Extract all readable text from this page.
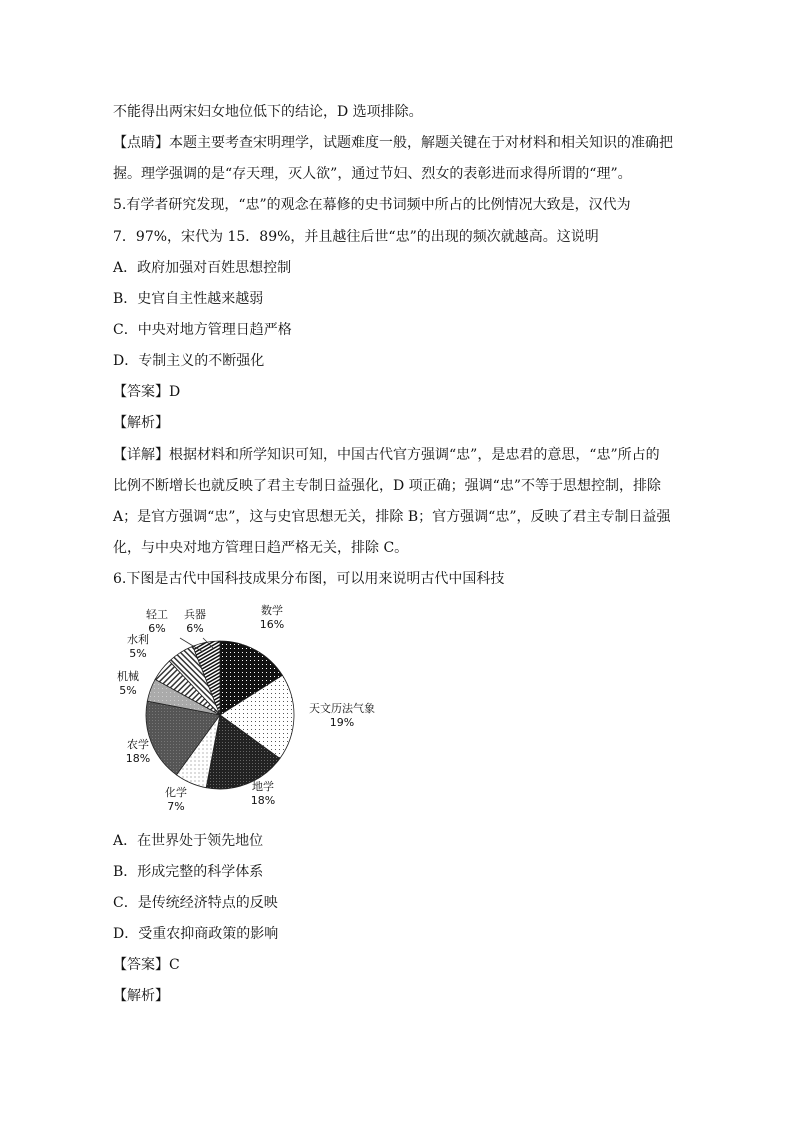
不能得出两宋妇女地位低下的结论，D 选项排除。
【点睛】本题主要考查宋明理学，试题难度一般，解题关键在于对材料和相关知识的准确把
握。理学强调的是“存天理，灭人欲”，通过节妇、烈女的表彰进而求得所谓的“理”。
5.有学者研究发现，“忠”的观念在幕修的史书词频中所占的比例情况大致是，汉代为
7．97%，宋代为 15．89%，并且越往后世“忠”的出现的频次就越高。这说明
A．政府加强对百姓思想控制
B．史官自主性越来越弱
C．中央对地方管理日趋严格
D．专制主义的不断强化
【答案】D
【解析】
【详解】根据材料和所学知识可知，中国古代官方强调“忠”，是忠君的意思，“忠”所占的
比例不断增长也就反映了君主专制日益强化，D 项正确；强调“忠”不等于思想控制，排除
A；是官方强调“忠”，这与史官思想无关，排除 B；官方强调“忠”，反映了君主专制日益强
化，与中央对地方管理日趋严格无关，排除 C。
6.下图是古代中国科技成果分布图，可以用来说明古代中国科技
数学
16%
天文历法气象
19%
地学
18%
化学
7%
农学
18%
机械
5%
水利
5%
轻工
6%
兵器
6%
A．在世界处于领先地位
B．形成完整的科学体系
C．是传统经济特点的反映
D．受重农抑商政策的影响
【答案】C
【解析】
